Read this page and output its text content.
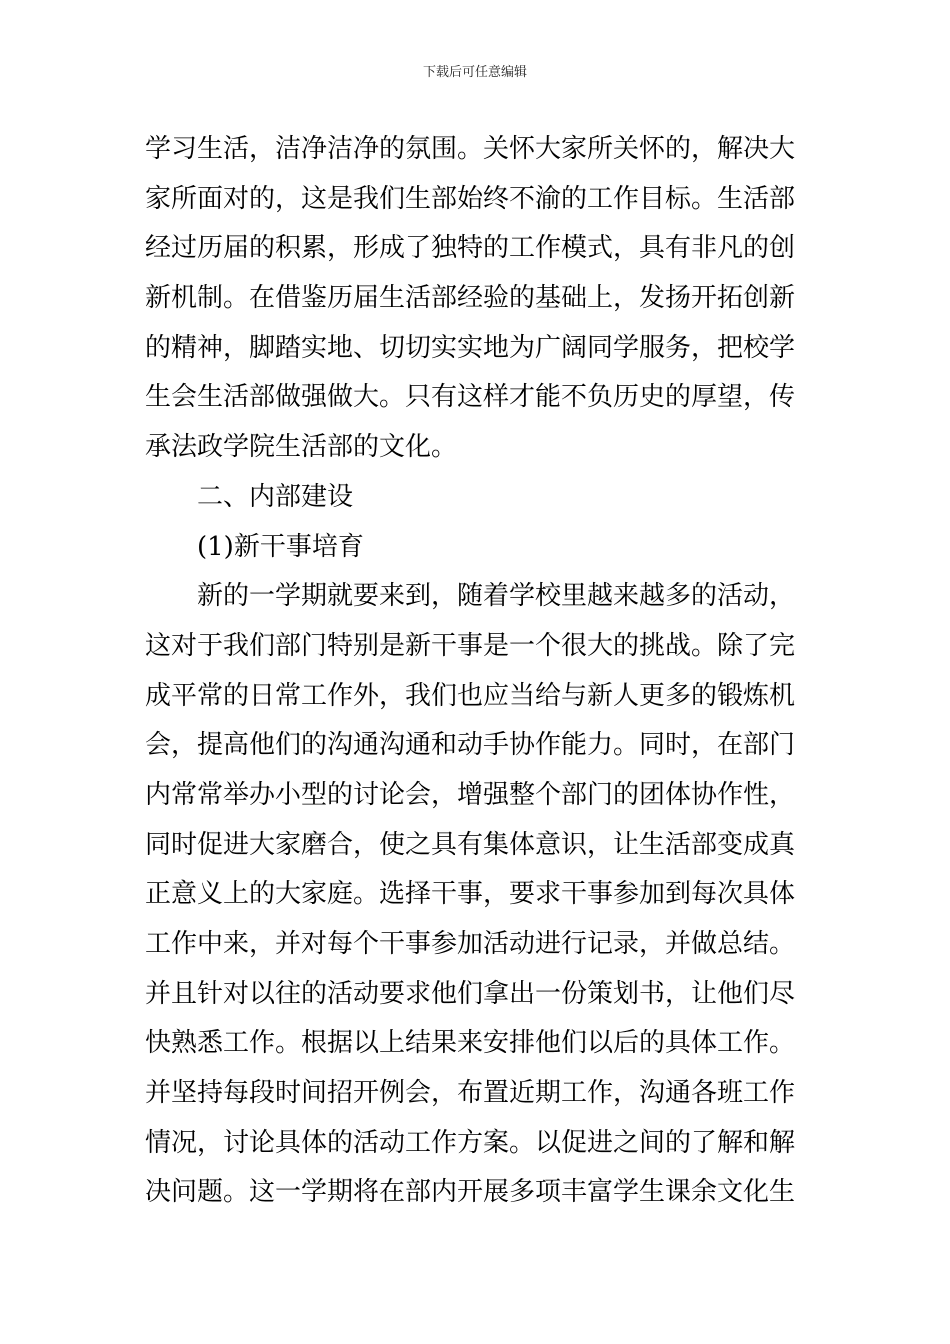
下载后可任意编辑
学习生活，洁净洁净的氛围。关怀大家所关怀的，解决大
家所面对的，这是我们生部始终不渝的工作目标。生活部
经过历届的积累，形成了独特的工作模式，具有非凡的创
新机制。在借鉴历届生活部经验的基础上，发扬开拓创新
的精神，脚踏实地、切切实实地为广阔同学服务，把校学
生会生活部做强做大。只有这样才能不负历史的厚望，传
承法政学院生活部的文化。
二、内部建设
(1)新干事培育
新的一学期就要来到，随着学校里越来越多的活动，
这对于我们部门特别是新干事是一个很大的挑战。除了完
成平常的日常工作外，我们也应当给与新人更多的锻炼机
会，提高他们的沟通沟通和动手协作能力。同时，在部门
内常常举办小型的讨论会，增强整个部门的团体协作性，
同时促进大家磨合，使之具有集体意识，让生活部变成真
正意义上的大家庭。选择干事，要求干事参加到每次具体
工作中来，并对每个干事参加活动进行记录，并做总结。
并且针对以往的活动要求他们拿出一份策划书，让他们尽
快熟悉工作。根据以上结果来安排他们以后的具体工作。
并坚持每段时间招开例会，布置近期工作，沟通各班工作
情况，讨论具体的活动工作方案。以促进之间的了解和解
决问题。这一学期将在部内开展多项丰富学生课余文化生
